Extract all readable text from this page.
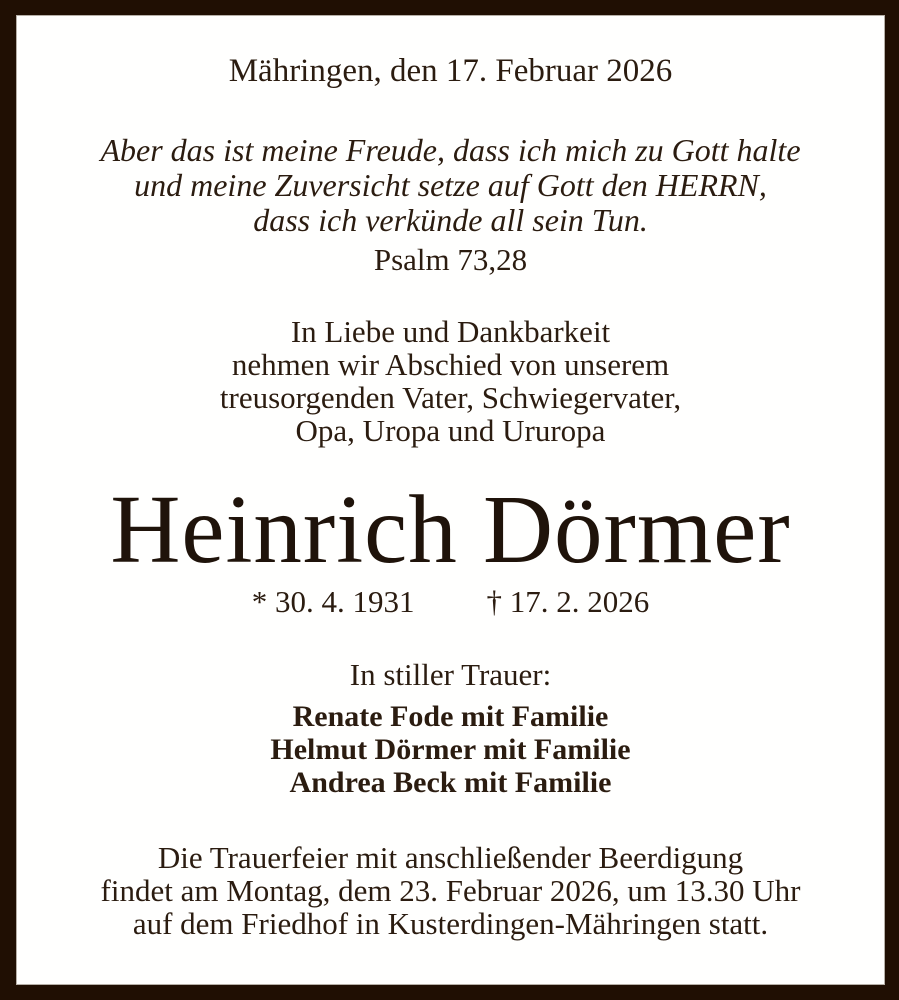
Mähringen, den 17. Februar 2026
Aber das ist meine Freude, dass ich mich zu Gott halte
und meine Zuversicht setze auf Gott den HERRN,
dass ich verkünde all sein Tun.
Psalm 73,28
In Liebe und Dankbarkeit
nehmen wir Abschied von unserem
treusorgenden Vater, Schwiegervater,
Opa, Uropa und Ururopa
Heinrich Dörmer
* 30. 4. 1931 † 17. 2. 2026
In stiller Trauer:
Renate Fode mit Familie
Helmut Dörmer mit Familie
Andrea Beck mit Familie
Die Trauerfeier mit anschließender Beerdigung
findet am Montag, dem 23. Februar 2026, um 13.30 Uhr
auf dem Friedhof in Kusterdingen-Mähringen statt.
